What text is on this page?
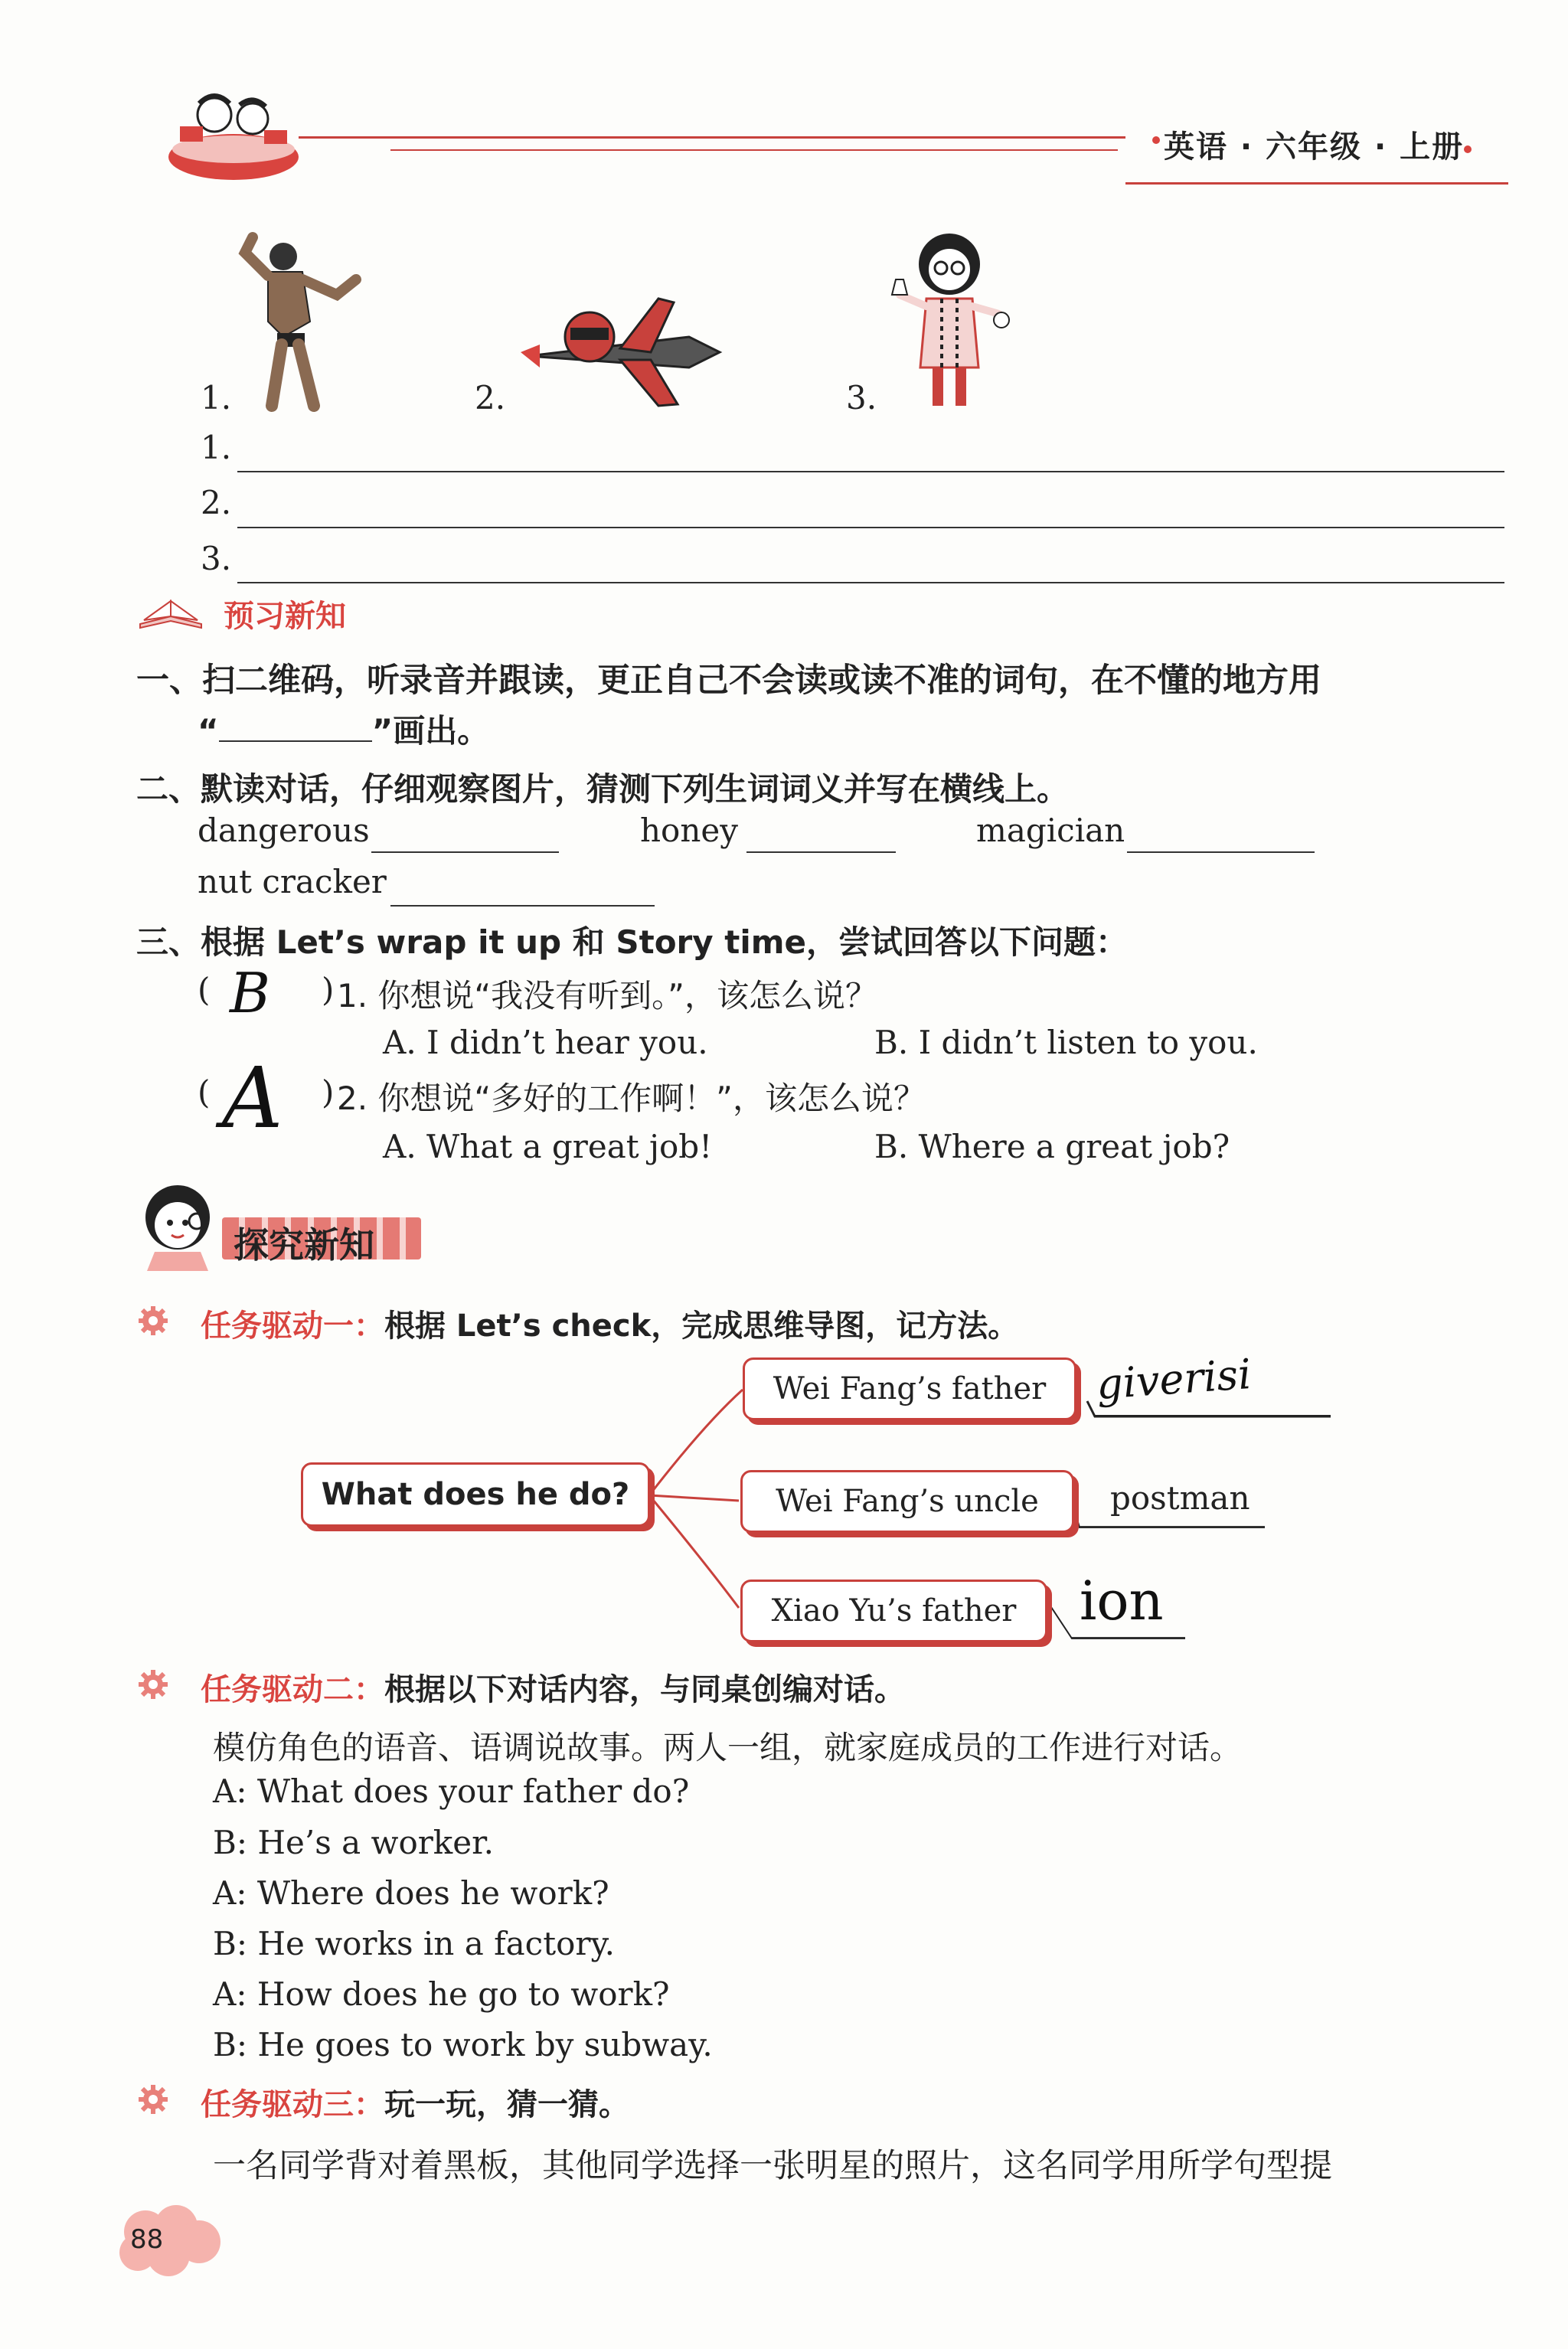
英语 · 六年级 · 上册
1.	2.	3.
1.
2.
3.
预习新知
一、扫二维码，听录音并跟读，更正自己不会读或读不准的词句，在不懂的地方用
“	”画出。
二、默读对话，仔细观察图片，猜测下列生词词义并写在横线上。
dangerous	honey	magician
nut cracker
三、根据 Let’s wrap it up 和 Story time，尝试回答以下问题：
( B ) 1. 你想说“我没有听到。”，该怎么说？
A. I didn’t hear you.	B. I didn’t listen to you.
( A ) 2. 你想说“多好的工作啊！”，该怎么说？
A. What a great job!	B. Where a great job?
探究新知
任务驱动一：根据 Let’s check，完成思维导图，记方法。
What does he do?
Wei Fang’s father
Wei Fang’s uncle
Xiao Yu’s father
giverisi
postman
ion
任务驱动二：根据以下对话内容，与同桌创编对话。
模仿角色的语音、语调说故事。两人一组，就家庭成员的工作进行对话。
A: What does your father do?
B: He’s a worker.
A: Where does he work?
B: He works in a factory.
A: How does he go to work?
B: He goes to work by subway.
任务驱动三：玩一玩，猜一猜。
一名同学背对着黑板，其他同学选择一张明星的照片，这名同学用所学句型提
88
